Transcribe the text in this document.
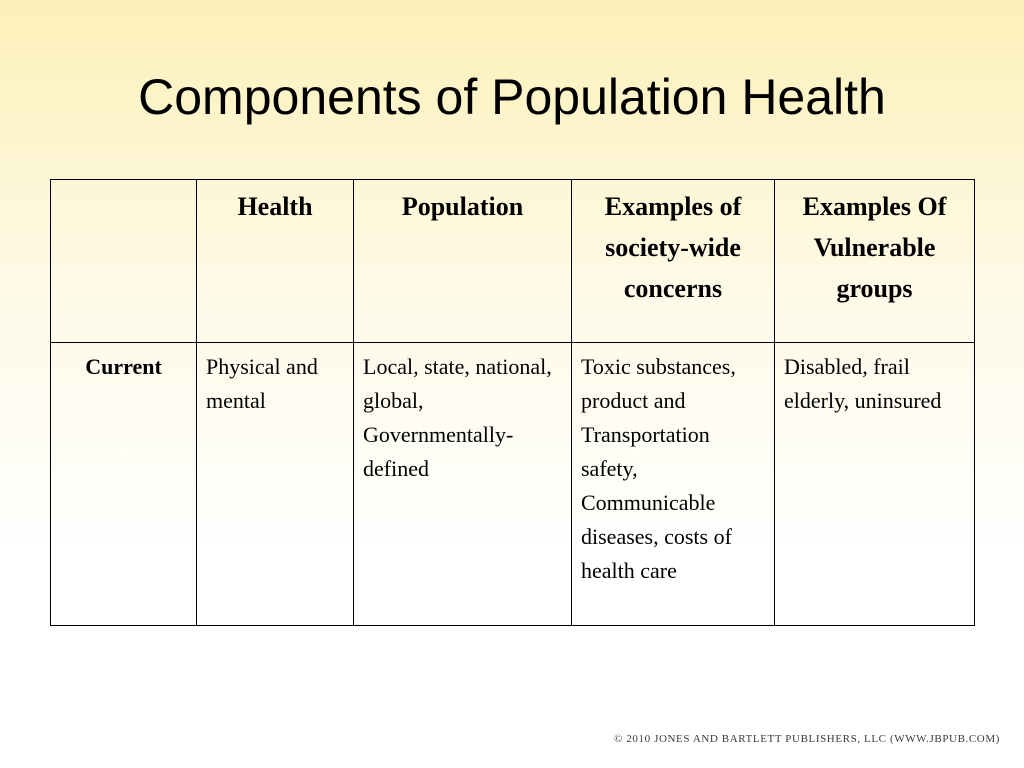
Components of Population Health
	Health	Population	Examples of society-wide concerns	Examples Of Vulnerable groups
Current	Physical and mental	Local, state, national, global, Governmentally-defined	Toxic substances, product and Transportation safety, Communicable diseases, costs of health care	Disabled, frail elderly, uninsured
© 2010 JONES AND BARTLETT PUBLISHERS, LLC (WWW.JBPUB.COM)
